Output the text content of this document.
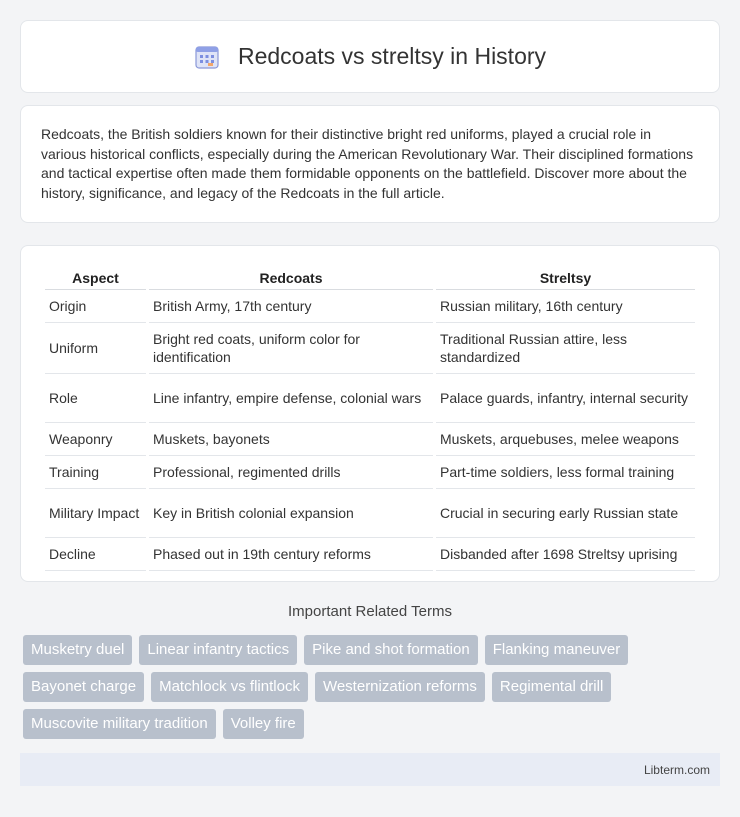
Redcoats vs streltsy in History

Redcoats, the British soldiers known for their distinctive bright red uniforms, played a crucial role in various historical conflicts, especially during the American Revolutionary War. Their disciplined formations and tactical expertise often made them formidable opponents on the battlefield. Discover more about the history, significance, and legacy of the Redcoats in the full article.

Aspect	Redcoats	Streltsy
Origin	British Army, 17th century	Russian military, 16th century
Uniform	Bright red coats, uniform color for identification	Traditional Russian attire, less standardized
Role	Line infantry, empire defense, colonial wars	Palace guards, infantry, internal security
Weaponry	Muskets, bayonets	Muskets, arquebuses, melee weapons
Training	Professional, regimented drills	Part-time soldiers, less formal training
Military Impact	Key in British colonial expansion	Crucial in securing early Russian state
Decline	Phased out in 19th century reforms	Disbanded after 1698 Streltsy uprising
Important Related Terms
Musketry duel	Linear infantry tactics	Pike and shot formation	Flanking maneuver
Bayonet charge	Matchlock vs flintlock	Westernization reforms	Regimental drill
Muscovite military tradition	Volley fire
Libterm.com
